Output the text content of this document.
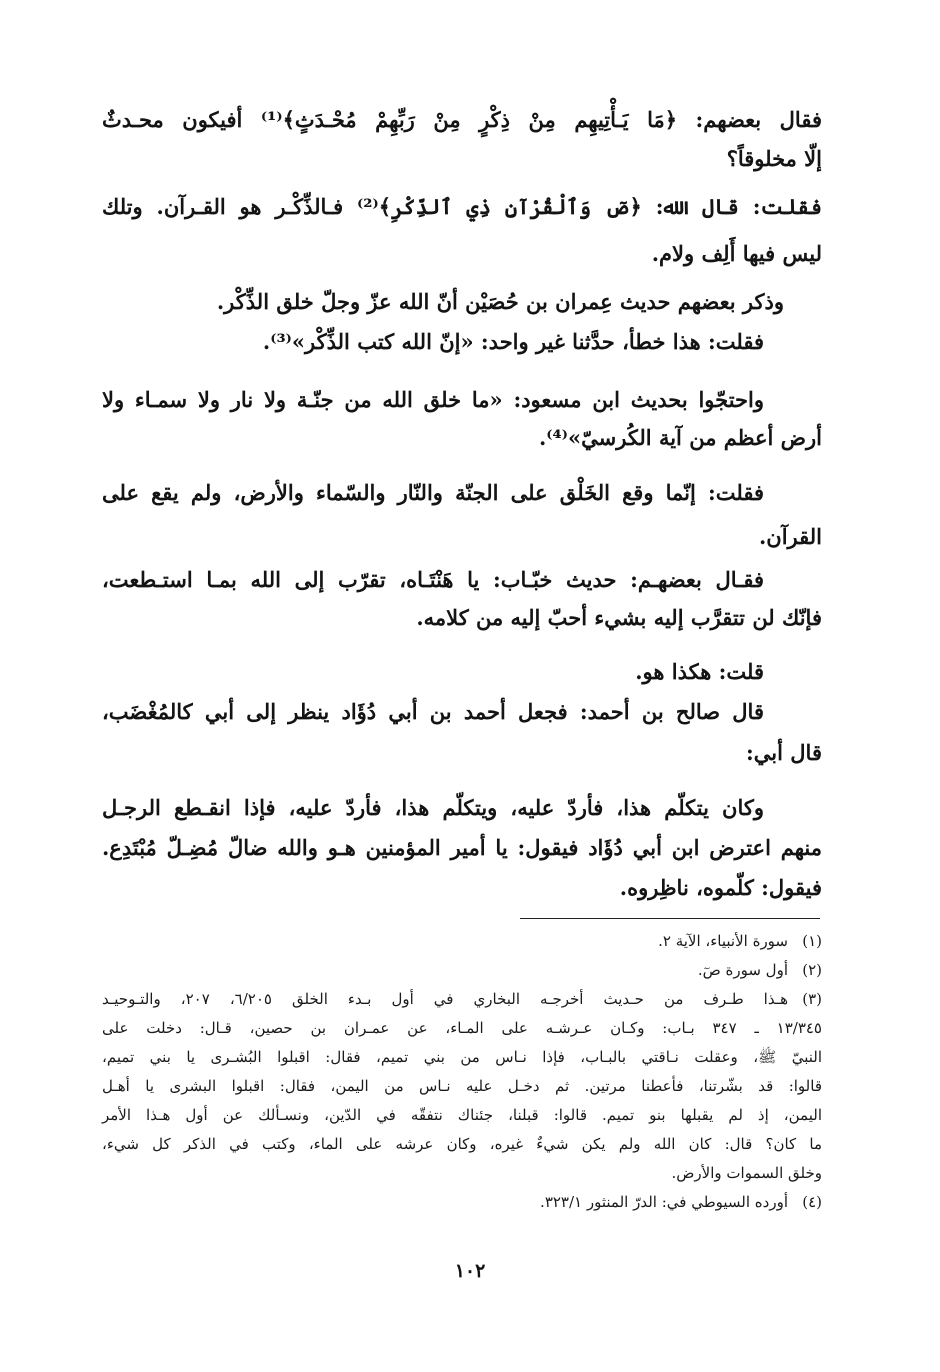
فقال بعضهم: ﴿مَا يَـأْتِيهِم مِنْ ذِكْرٍ مِنْ رَبِّهِمْ مُحْـدَثٍ﴾⁽¹⁾ أفيكون محـدثٌ

إلّا مخلوقاً؟

فقلت: قال الله: ﴿صٓ وَٱلْقُرْآنِ ذِي ٱلذِّكْرِ﴾⁽²⁾ فـالذِّكْـر هو القـرآن. وتلك

ليس فيها أَلِف ولام.

وذكر بعضهم حديث عِمران بن حُصَيْن أنّ الله عزّ وجلّ خلق الذِّكْر.

فقلت: هذا خطأ، حدَّثنا غير واحد: «إنّ الله كتب الذِّكْر»⁽³⁾.

واحتجّوا بحديث ابن مسعود: «ما خلق الله من جنّـة ولا نار ولا سمـاء ولا

أرض أعظم من آية الكُرسيّ»⁽⁴⁾.

فقلت: إنّما وقع الخَلْق على الجنّة والنّار والسّماء والأرض، ولم يقع على

القرآن.

فقـال بعضهـم: حديث خبّـاب: يا هَنْتَـاه، تقرّب إلى الله بمـا استـطعت،

فإنّك لن تتقرَّب إليه بشيء أحبّ إليه من كلامه.

قلت: هكذا هو.

قال صالح بن أحمد: فجعل أحمد بن أبي دُؤَاد ينظر إلى أبي كالمُغْضَب،

قال أبي:

وكان يتكلّم هذا، فأردّ عليه، ويتكلّم هذا، فأردّ عليه، فإذا انقـطع الرجـل

منهم اعترض ابن أبي دُؤَاد فيقول: يا أمير المؤمنين هـو والله ضالّ مُضِـلّ مُبْتَدِع.

فيقول: كلّموه، ناظِروه.

(١)سورة الأنبياء، الآية ٢.

(٢)أول سورة صٓ.

(٣)هـذا طـرف من حـديث أخرجـه البخاري في أول بـدء الخلق ٦/٢٠٥، ٢٠٧، والتـوحيـد

١٣/٣٤٥ ـ ٣٤٧ بـاب: وكـان عـرشـه على المـاء، عن عمـران بن حصين، قـال: دخلت على

النبيّ ﷺ، وعقلت نـاقتي بالبـاب، فإذا نـاس من بني تميم، فقال: اقبلوا البُشـرى يا بني تميم،

قالوا: قد بشّرتنا، فأعطنا مرتين. ثم دخـل عليه نـاس من اليمن، فقال: اقبلوا البشرى يا أهـل

اليمن، إذ لم يقبلها بنو تميم. قالوا: قبلنا، جئناك نتفقّه في الدّين، ونسـألك عن أول هـذا الأمر

ما كان؟ قال: كان الله ولم يكن شيءٌ غيره، وكان عرشه على الماء، وكتب في الذكر كل شيء،

وخلق السموات والأرض.

(٤)أورده السيوطي في: الدرّ المنثور ٣٢٣/١.

١٠٢
